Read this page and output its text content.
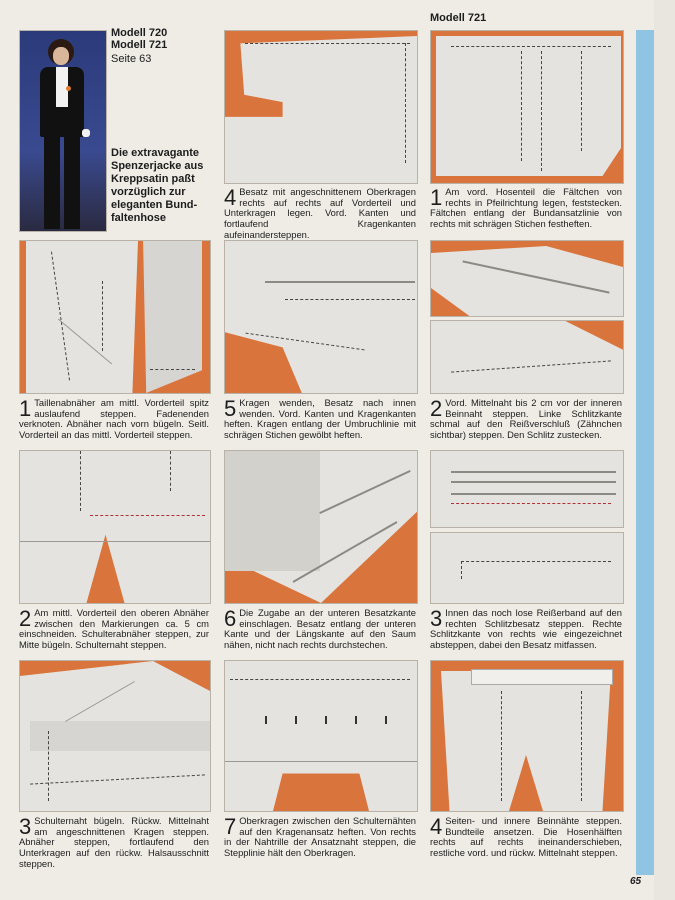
Modell 720
Modell 721
Seite 63
Die extravagante
Spenzerjacke aus
Kreppsatin paßt
vorzüglich zur
eleganten Bund-
faltenhose
Modell 721
1 Taillenabnäher am mittl. Vorderteil spitz auslaufend steppen. Fadenenden verknoten. Abnäher nach vorn bügeln. Seitl. Vorderteil an das mittl. Vorderteil steppen.
2 Am mittl. Vorderteil den oberen Abnäher zwischen den Markierungen ca. 5 cm einschneiden. Schulterabnäher steppen, zur Mitte bügeln. Schulternaht steppen.
3 Schulternaht bügeln. Rückw. Mittelnaht am angeschnittenen Kragen steppen. Abnäher steppen, fortlaufend den Unterkragen auf den rückw. Halsausschnitt steppen.
4 Besatz mit angeschnittenem Oberkragen rechts auf rechts auf Vorderteil und Unterkragen legen. Vord. Kanten und fortlaufend Kragenkanten aufeinandersteppen.
5 Kragen wenden, Besatz nach innen wenden. Vord. Kanten und Kragenkanten heften. Kragen entlang der Umbruchlinie mit schrägen Stichen gewölbt heften.
6 Die Zugabe an der unteren Besatzkante einschlagen. Besatz entlang der unteren Kante und der Längskante auf den Saum nähen, nicht nach rechts durchstechen.
7 Oberkragen zwischen den Schulternähten auf den Kragenansatz heften. Von rechts in der Nahtrille der Ansatznaht steppen, die Stepplinie hält den Oberkragen.
1 Am vord. Hosenteil die Fältchen von rechts in Pfeilrichtung legen, feststecken. Fältchen entlang der Bundansatzlinie von rechts mit schrägen Stichen festheften.
2 Vord. Mittelnaht bis 2 cm vor der inneren Beinnaht steppen. Linke Schlitzkante schmal auf den Reißverschluß (Zähnchen sichtbar) steppen. Den Schlitz zustecken.
3 Innen das noch lose Reißerband auf den rechten Schlitzbesatz steppen. Rechte Schlitzkante von rechts wie eingezeichnet absteppen, dabei den Besatz mitfassen.
4 Seiten- und innere Beinnähte steppen. Bundteile ansetzen. Die Hosenhälften rechts auf rechts ineinanderschieben, restliche vord. und rückw. Mittelnaht steppen.
65
